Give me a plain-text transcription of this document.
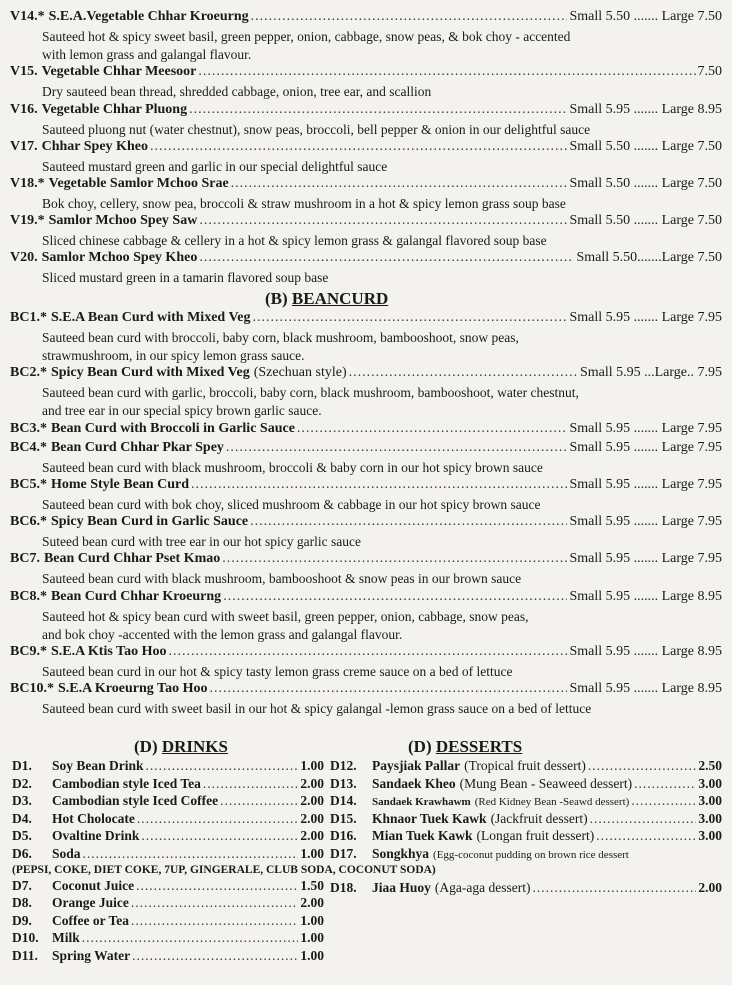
V14.* S.E.A.Vegetable Chhar Kroeurng .....	Small 5.50 ....... Large 7.50
Sauteed hot & spicy sweet basil, green pepper, onion, cabbage, snow peas, & bok choy - accented
with lemon grass and galangal flavour.
V15. Vegetable Chhar Meesoor .....	7.50
Dry sauteed bean thread, shredded cabbage, onion, tree ear, and scallion
V16. Vegetable Chhar Pluong .....	Small 5.95 ....... Large 8.95
Sauteed pluong nut (water chestnut), snow peas, broccoli, bell pepper & onion in our delightful sauce
V17. Chhar Spey Kheo .....	Small 5.50 ....... Large 7.50
Sauteed mustard green and garlic in our special delightful sauce
V18.* Vegetable Samlor Mchoo Srae .....	Small 5.50 ....... Large 7.50
Bok choy, cellery, snow pea, broccoli & straw mushroom in a hot & spicy lemon grass soup base
V19.* Samlor Mchoo Spey Saw .....	Small 5.50 ....... Large 7.50
Sliced chinese cabbage & cellery in a hot & spicy lemon grass & galangal flavored soup base
V20. Samlor Mchoo Spey Kheo .....	Small 5.50.......Large 7.50
Sliced mustard green in a tamarin flavored soup base
(B) BEANCURD
BC1.* S.E.A Bean Curd with Mixed Veg .....	Small 5.95 ....... Large 7.95
Sauteed bean curd with broccoli, baby corn, black mushroom, bambooshoot, snow peas,
strawmushroom, in our spicy lemon grass sauce.
BC2.* Spicy Bean Curd with Mixed Veg (Szechuan style) .....	Small 5.95 ...Large.. 7.95
Sauteed bean curd with garlic, broccoli, baby corn, black mushroom, bambooshoot, water chestnut,
and tree ear in our special spicy brown garlic sauce.
BC3.* Bean Curd with Broccoli in Garlic Sauce .....	Small 5.95 ....... Large 7.95
BC4.* Bean Curd Chhar Pkar Spey .....	Small 5.95 ....... Large 7.95
Sauteed bean curd with black mushroom, broccoli & baby corn in our hot spicy brown sauce
BC5.* Home Style Bean Curd .....	Small 5.95 ....... Large 7.95
Sauteed bean curd with bok choy, sliced mushroom & cabbage in our hot spicy brown sauce
BC6.* Spicy Bean Curd in Garlic Sauce .....	Small 5.95 ....... Large 7.95
Suteed bean curd with tree ear in our hot spicy garlic sauce
BC7. Bean Curd Chhar Pset Kmao .....	Small 5.95 ....... Large 7.95
Sauteed bean curd with black mushroom, bambooshoot & snow peas in our brown sauce
BC8.* Bean Curd Chhar Kroeurng .....	Small 5.95 ....... Large 8.95
Sauteed hot & spicy bean curd with sweet basil, green pepper, onion, cabbage, snow peas,
and bok choy -accented with the lemon grass and galangal flavour.
BC9.* S.E.A Ktis Tao Hoo .....	Small 5.95 ....... Large 8.95
Sauteed bean curd in our hot & spicy tasty lemon grass creme sauce on a bed of lettuce
BC10.* S.E.A Kroeurng Tao Hoo .....	Small 5.95 ....... Large 8.95
Sauteed bean curd with sweet basil in our hot & spicy galangal -lemon grass sauce on a bed of lettuce
(D) DRINKS	(D) DESSERTS
D1.	Soy Bean Drink .....	1.00
D2.	Cambodian style Iced Tea .....	2.00
D3.	Cambodian style Iced Coffee .....	2.00
D4.	Hot Cholocate .....	2.00
D5.	Ovaltine Drink .....	2.00
D6.	Soda .....	1.00
(PEPSI, COKE, DIET COKE, 7UP, GINGERALE, CLUB SODA, COCONUT SODA)
D7.	Coconut Juice .....	1.50
D8.	Orange Juice .....	2.00
D9.	Coffee or Tea .....	1.00
D10. Milk .....	1.00
D11.	Spring Water .....	1.00
D12.	Paysjiak Pallar (Tropical fruit dessert) .....	2.50
D13.	Sandaek Kheo (Mung Bean - Seaweed dessert) .....	3.00
D14.	Sandaek Krawhawm (Red Kidney Bean -Seawd dessert) .....	3.00
D15.	Khnaor Tuek Kawk (Jackfruit dessert) .....	3.00
D16.	Mian Tuek Kawk (Longan fruit dessert) .....	3.00
D17.	Songkhya (Egg-coconut pudding on brown rice dessert
D18.	Jiaa Huoy (Aga-aga dessert) .....	2.00
